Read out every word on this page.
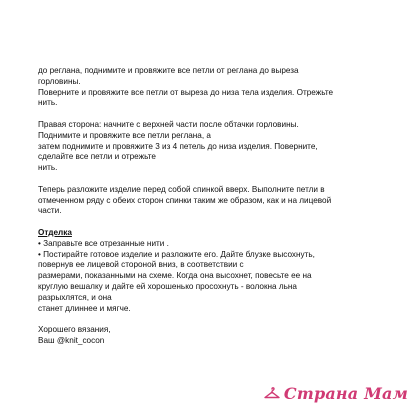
до реглана, поднимите и провяжите все петли от реглана до выреза
горловины.
Поверните и провяжите все петли от выреза до низа тела изделия. Отрежьте
нить.
Правая сторона: начните с верхней части после обтачки горловины.
Поднимите и провяжите все петли реглана, а
затем поднимите и провяжите 3 из 4 петель до низа изделия. Поверните,
сделайте все петли и отрежьте
нить.
Теперь разложите изделие перед собой спинкой вверх. Выполните петли в
отмеченном ряду с обеих сторон спинки таким же образом, как и на лицевой
части.
Отделка
• Заправьте все отрезанные нити .
• Постирайте готовое изделие и разложите его. Дайте блузке высохнуть,
повернув ее лицевой стороной вниз, в соответствии с
размерами, показанными на схеме. Когда она высохнет, повесьте ее на
круглую вешалку и дайте ей хорошенько просохнуть - волокна льна
разрыхлятся, и она
станет длиннее и мягче.
Хорошего вязания,
Ваш @knit_cocon
Страна Мам
